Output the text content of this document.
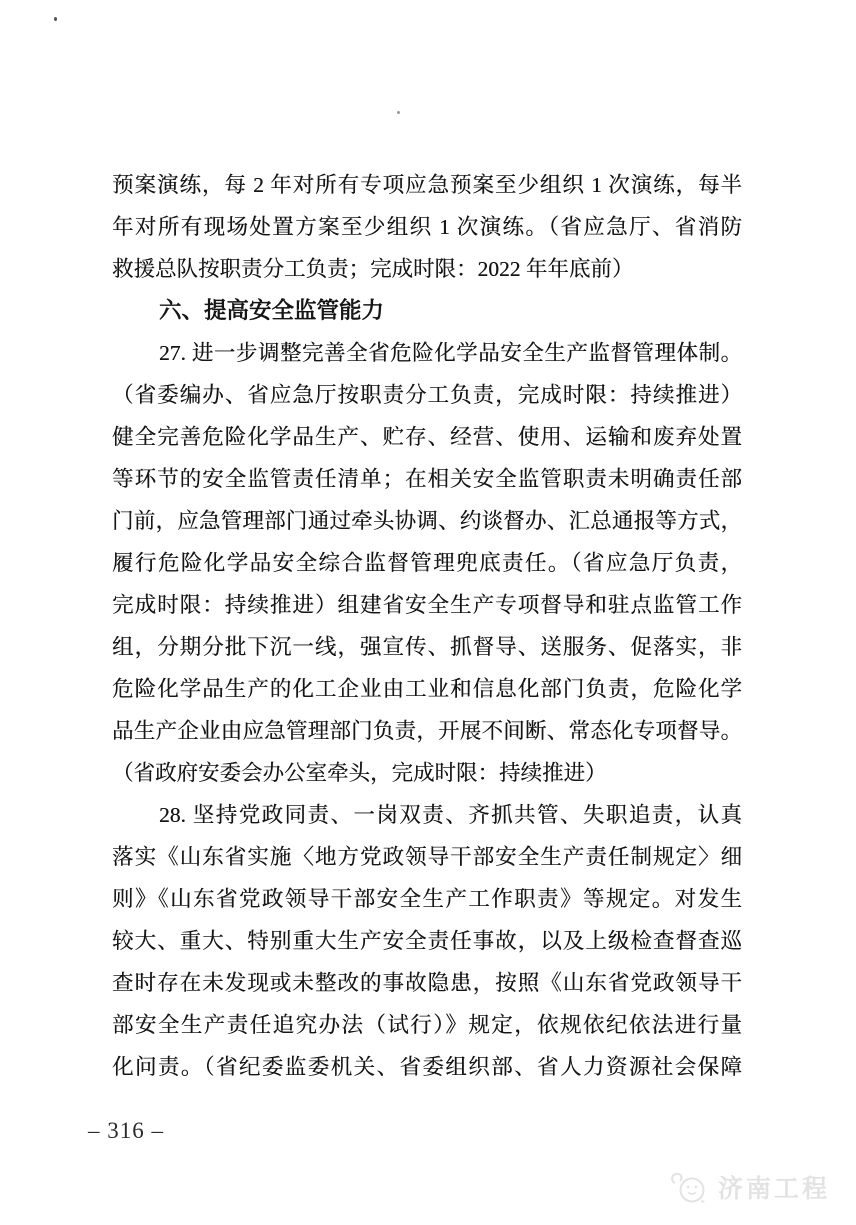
预案演练，每 2 年对所有专项应急预案至少组织 1 次演练，每半

年对所有现场处置方案至少组织 1 次演练。（省应急厅、省消防

救援总队按职责分工负责；完成时限：2022 年年底前）

六、提高安全监管能力

27. 进一步调整完善全省危险化学品安全生产监督管理体制。

（省委编办、省应急厅按职责分工负责，完成时限：持续推进）

健全完善危险化学品生产、贮存、经营、使用、运输和废弃处置

等环节的安全监管责任清单；在相关安全监管职责未明确责任部

门前，应急管理部门通过牵头协调、约谈督办、汇总通报等方式，

履行危险化学品安全综合监督管理兜底责任。（省应急厅负责，

完成时限：持续推进）组建省安全生产专项督导和驻点监管工作

组，分期分批下沉一线，强宣传、抓督导、送服务、促落实，非

危险化学品生产的化工企业由工业和信息化部门负责，危险化学

品生产企业由应急管理部门负责，开展不间断、常态化专项督导。

（省政府安委会办公室牵头，完成时限：持续推进）

28. 坚持党政同责、一岗双责、齐抓共管、失职追责，认真

落实《山东省实施〈地方党政领导干部安全生产责任制规定〉细

则》《山东省党政领导干部安全生产工作职责》等规定。对发生

较大、重大、特别重大生产安全责任事故，以及上级检查督查巡

查时存在未发现或未整改的事故隐患，按照《山东省党政领导干

部安全生产责任追究办法（试行）》规定，依规依纪依法进行量

化问责。（省纪委监委机关、省委组织部、省人力资源社会保障

– 316 –
济南工程
